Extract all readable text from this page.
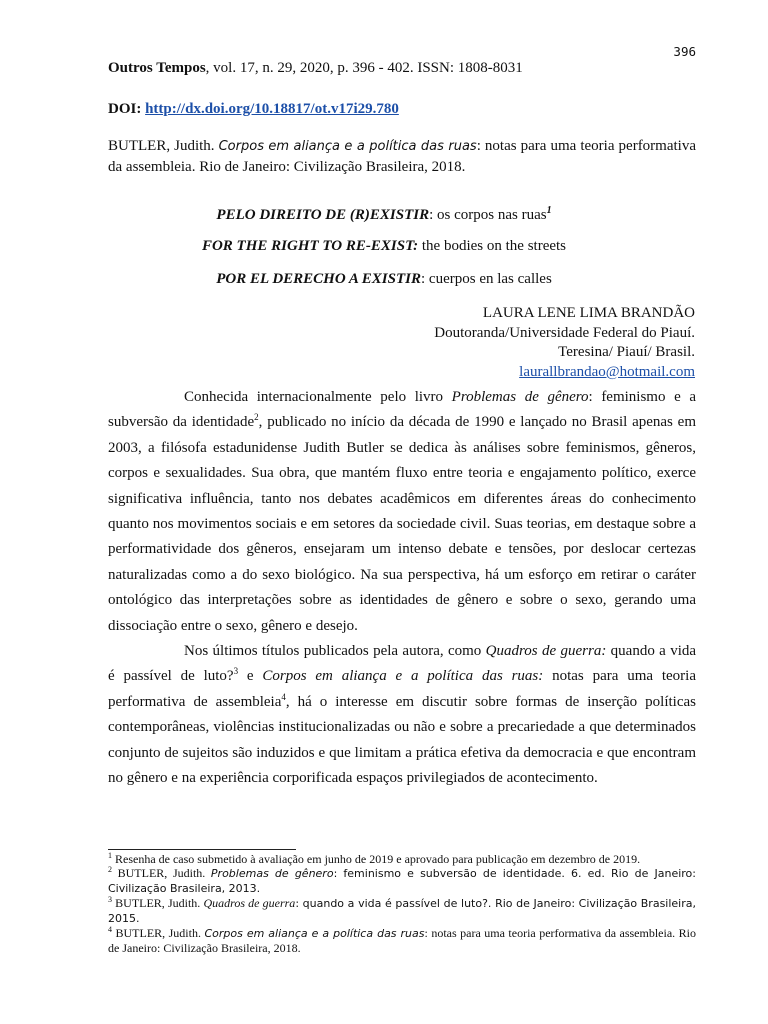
396
Outros Tempos, vol. 17, n. 29, 2020, p. 396 - 402. ISSN: 1808-8031
DOI: http://dx.doi.org/10.18817/ot.v17i29.780
BUTLER, Judith. Corpos em aliança e a política das ruas: notas para uma teoria performativa da assembleia. Rio de Janeiro: Civilização Brasileira, 2018.
PELO DIREITO DE (R)EXISTIR: os corpos nas ruas$^1$
FOR THE RIGHT TO RE-EXIST: the bodies on the streets
POR EL DERECHO A EXISTIR: cuerpos en las calles
LAURA LENE LIMA BRANDÃO
Doutoranda/Universidade Federal do Piauí.
Teresina/ Piauí/ Brasil.
laurallbrandao@hotmail.com

Conhecida internacionalmente pelo livro Problemas de gênero: feminismo e a subversão da identidade$^2$, publicado no início da década de 1990 e lançado no Brasil apenas em 2003, a filósofa estadunidense Judith Butler se dedica às análises sobre feminismos, gêneros, corpos e sexualidades. Sua obra, que mantém fluxo entre teoria e engajamento político, exerce significativa influência, tanto nos debates acadêmicos em diferentes áreas do conhecimento quanto nos movimentos sociais e em setores da sociedade civil. Suas teorias, em destaque sobre a performatividade dos gêneros, ensejaram um intenso debate e tensões, por deslocar certezas naturalizadas como a do sexo biológico. Na sua perspectiva, há um esforço em retirar o caráter ontológico das interpretações sobre as identidades de gênero e sobre o sexo, gerando uma dissociação entre o sexo, gênero e desejo.

Nos últimos títulos publicados pela autora, como Quadros de guerra: quando a vida é passível de luto?$^3$ e Corpos em aliança e a política das ruas: notas para uma teoria performativa de assembleia$^4$, há o interesse em discutir sobre formas de inserção políticas contemporâneas, violências institucionalizadas ou não e sobre a precariedade a que determinados conjunto de sujeitos são induzidos e que limitam a prática efetiva da democracia e que encontram no gênero e na experiência corporificada espaços privilegiados de acontecimento.

$^1$ Resenha de caso submetido à avaliação em junho de 2019 e aprovado para publicação em dezembro de 2019.
$^2$ BUTLER, Judith. Problemas de gênero: feminismo e subversão de identidade. 6. ed. Rio de Janeiro: Civilização Brasileira, 2013.
$^3$ BUTLER, Judith. Quadros de guerra: quando a vida é passível de luto?. Rio de Janeiro: Civilização Brasileira, 2015.
$^4$ BUTLER, Judith. Corpos em aliança e a política das ruas: notas para uma teoria performativa da assembleia. Rio de Janeiro: Civilização Brasileira, 2018.
